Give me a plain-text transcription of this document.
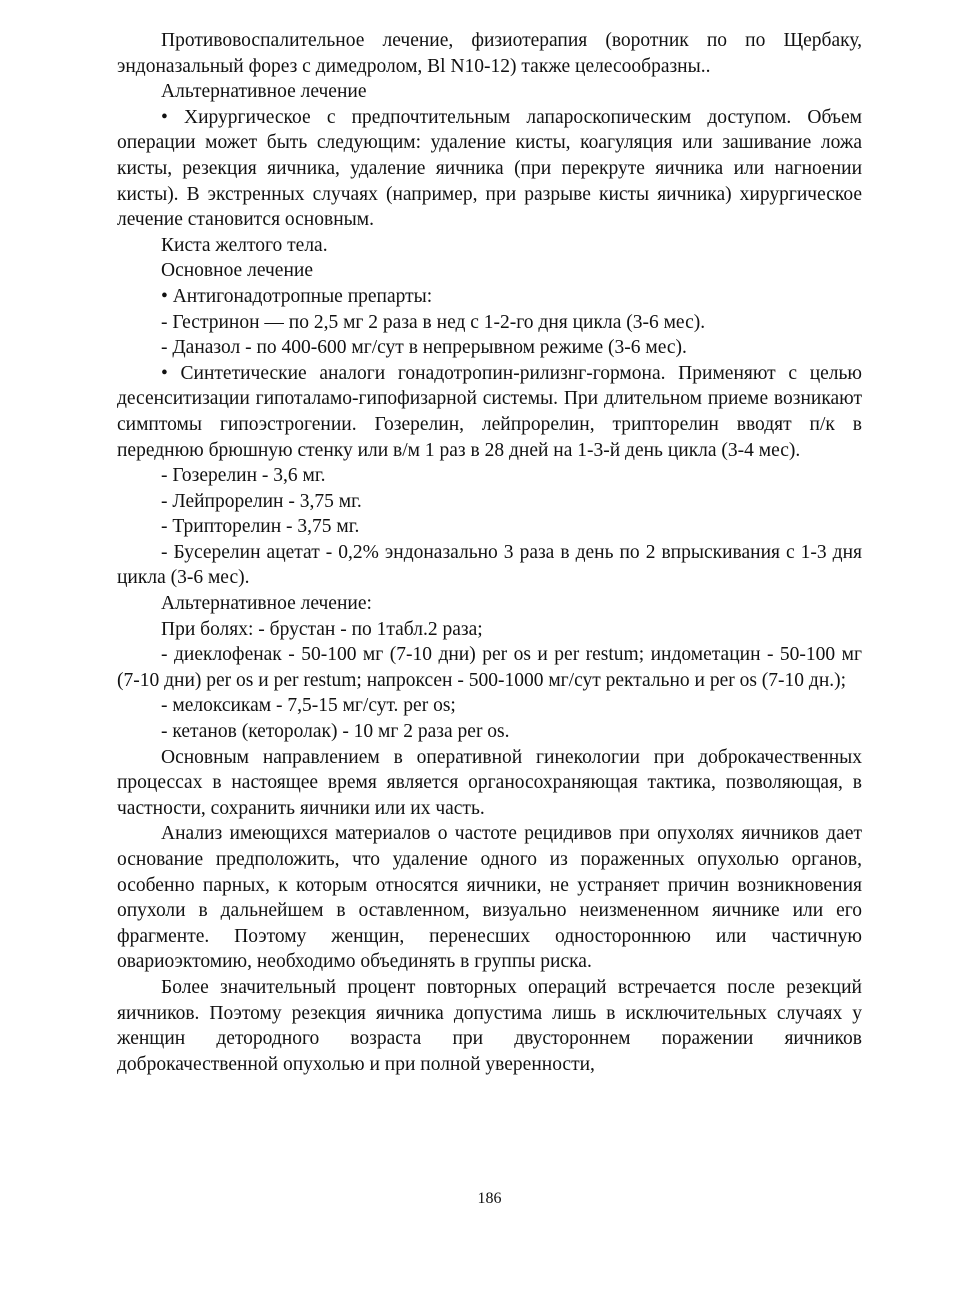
Противовоспалительное лечение, физиотерапия (воротник по по Щербаку, эндоназальный форез с димедролом, Bl N10-12) также целесообразны..

Альтернативное лечение

• Хирургическое с предпочтительным лапароскопическим доступом. Объем операции может быть следующим: удаление кисты, коагуляция или зашивание ложа кисты, резекция яичника, удаление яичника (при перекруте яичника или нагноении кисты). В экстренных случаях (например, при разрыве кисты яичника) хирургическое лечение становится основным.

Киста желтого тела.

Основное лечение

• Антигонадотропные препарты:

- Гестринон — по 2,5 мг 2 раза в нед с 1-2-го дня цикла (3-6 мес).

- Даназол - по 400-600 мг/сут в непрерывном режиме (3-6 мес).

• Синтетические аналоги гонадотропин-рилизнг-гормона. Применяют с целью десенситизации гипоталамо-гипофизарной системы. При длительном приеме возникают симптомы гипоэстрогении. Гозерелин, лейпрорелин, трипторелин вводят п/к в переднюю брюшную стенку или в/м 1 раз в 28 дней на 1-3-й день цикла (3-4 мес).

- Гозерелин - 3,6 мг.

- Лейпрорелин - 3,75 мг.

- Трипторелин - 3,75 мг.

- Бусерелин ацетат - 0,2% эндоназально 3 раза в день по 2 впрыскивания с 1-3 дня цикла (3-6 мес).

Альтернативное лечение:

При болях: - брустан - по 1табл.2 раза;

- диеклофенак - 50-100 мг (7-10 дни) per os и per restum; индометацин - 50-100 мг (7-10 дни) per os и per restum; напроксен - 500-1000 мг/сут ректально и per os (7-10 дн.);

- мелоксикам - 7,5-15 мг/сут. per os;

- кетанов (кеторолак) - 10 мг 2 раза per os.

Основным направлением в оперативной гинекологии при доброкачественных процессах в настоящее время является органосохраняющая тактика, позволяющая, в частности, сохранить яичники или их часть.

Анализ имеющихся материалов о частоте рецидивов при опухолях яичников дает основание предположить, что удаление одного из пораженных опухолью органов, особенно парных, к которым относятся яичники, не устраняет причин возникновения опухоли в дальнейшем в оставленном, визуально неизмененном яичнике или его фрагменте. Поэтому женщин, перенесших одностороннюю или частичную овариоэктомию, необходимо объединять в группы риска.

Более значительный процент повторных операций встречается после резекций яичников. Поэтому резекция яичника допустима лишь в исключительных случаях у женщин детородного возраста при двустороннем поражении яичников доброкачественной опухолью и при полной уверенности,

186
